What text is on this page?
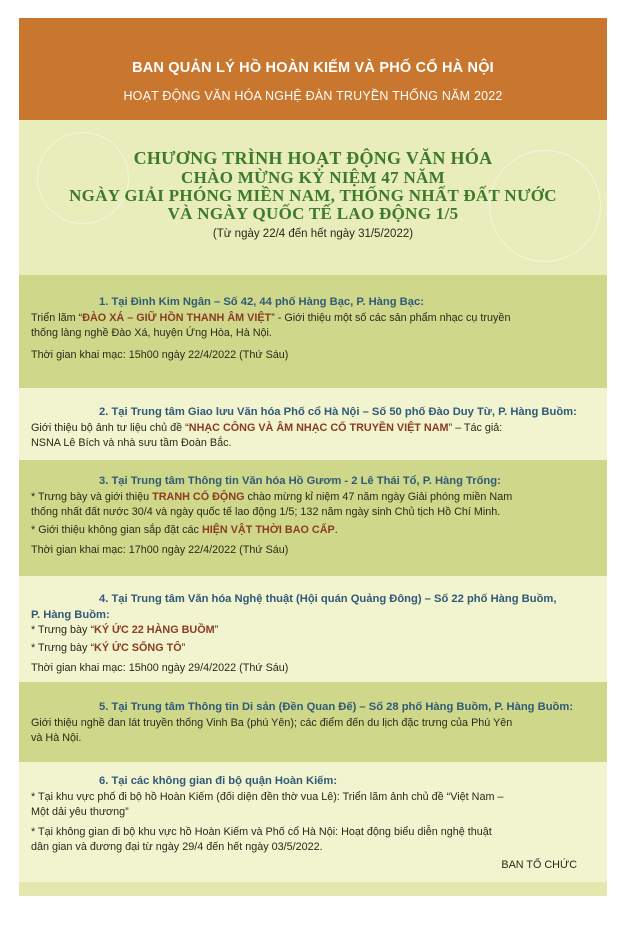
BAN QUẢN LÝ HỒ HOÀN KIẾM VÀ PHỐ CỔ HÀ NỘI
HOẠT ĐỘNG VĂN HÓA NGHỆ ĐÀN TRUYỀN THỐNG NĂM 2022
CHƯƠNG TRÌNH HOẠT ĐỘNG VĂN HÓA
CHÀO MỪNG KỶ NIỆM 47 NĂM
NGÀY GIẢI PHÓNG MIỀN NAM, THỐNG NHẤT ĐẤT NƯỚC
VÀ NGÀY QUỐC TẾ LAO ĐỘNG 1/5
(Từ ngày 22/4 đến hết ngày 31/5/2022)

1. Tại Đình Kim Ngân – Số 42, 44 phố Hàng Bạc, P. Hàng Bạc:

Triển lãm “ĐÀO XÁ – GIỮ HỒN THANH ÂM VIỆT” - Giới thiệu một số các sản phẩm nhạc cụ truyền

thống làng nghề Đào Xá, huyện Ứng Hòa, Hà Nội.

Thời gian khai mạc: 15h00 ngày 22/4/2022 (Thứ Sáu)

2. Tại Trung tâm Giao lưu Văn hóa Phố cổ Hà Nội – Số 50 phố Đào Duy Từ, P. Hàng Buồm:

Giới thiệu bộ ảnh tư liệu chủ đề “NHẠC CÔNG VÀ ÂM NHẠC CỔ TRUYỀN VIỆT NAM” – Tác giả:

NSNA Lê Bích và nhà sưu tầm Đoàn Bắc.

3. Tại Trung tâm Thông tin Văn hóa Hồ Gươm - 2 Lê Thái Tổ, P. Hàng Trống:

* Trưng bày và giới thiệu TRANH CỔ ĐỘNG chào mừng kỉ niệm 47 năm ngày Giải phóng miền Nam

thống nhất đất nước 30/4 và ngày quốc tế lao động 1/5; 132 năm ngày sinh Chủ tịch Hồ Chí Minh.

* Giới thiệu không gian sắp đặt các HIỆN VẬT THỜI BAO CẤP.

Thời gian khai mạc: 17h00 ngày 22/4/2022 (Thứ Sáu)

4. Tại Trung tâm Văn hóa Nghệ thuật (Hội quán Quảng Đông) – Số 22 phố Hàng Buồm,

P. Hàng Buồm:

* Trưng bày “KÝ ỨC 22 HÀNG BUỒM”

* Trưng bày “KÝ ỨC SỐNG TÔ”

Thời gian khai mạc: 15h00 ngày 29/4/2022 (Thứ Sáu)

5. Tại Trung tâm Thông tin Di sản (Đền Quan Đế) – Số 28 phố Hàng Buồm, P. Hàng Buồm:

Giới thiệu nghề đan lát truyền thống Vinh Ba (phú Yên); các điểm đến du lịch đặc trưng của Phú Yên

và Hà Nội.

6. Tại các không gian đi bộ quận Hoàn Kiếm:

* Tại khu vực phố đi bộ hồ Hoàn Kiếm (đối diện đền thờ vua Lê): Triển lãm ảnh chủ đề “Việt Nam –

Một dải yêu thương”

* Tại không gian đi bộ khu vực hồ Hoàn Kiếm và Phố cổ Hà Nội: Hoạt động biểu diễn nghệ thuật

dân gian và đương đại từ ngày 29/4 đến hết ngày 03/5/2022.

BAN TỔ CHỨC
